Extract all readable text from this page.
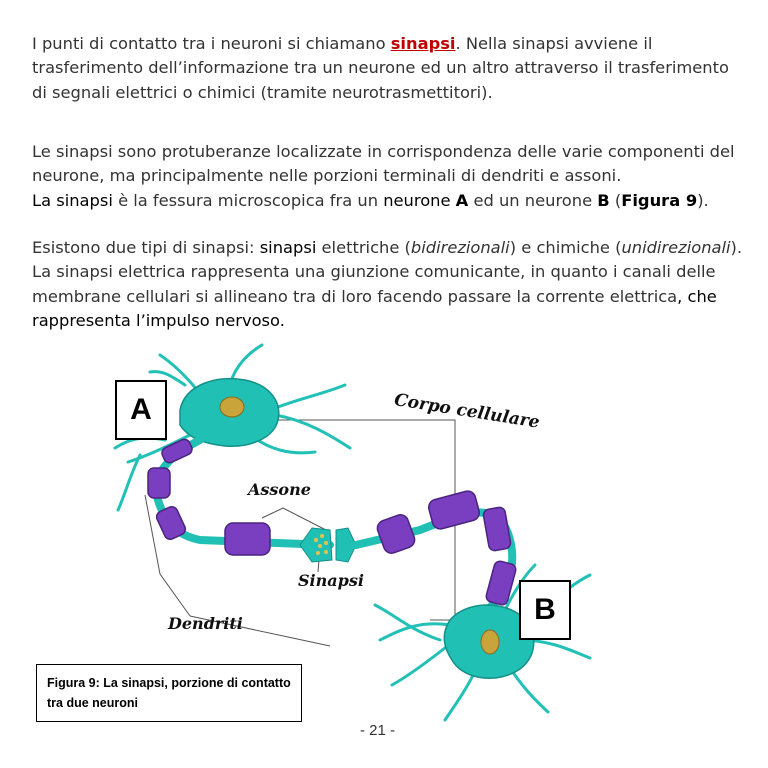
I punti di contatto tra i neuroni si chiamano sinapsi. Nella sinapsi avviene il trasferimento dell’informazione tra un neurone ed un altro attraverso il trasferimento di segnali elettrici o chimici (tramite neurotrasmettitori).

Le sinapsi sono protuberanze localizzate in corrispondenza delle varie componenti del neurone, ma principalmente nelle porzioni terminali di dendriti e assoni.
La sinapsi è la fessura microscopica fra un neurone A ed un neurone B (Figura 9).

Esistono due tipi di sinapsi: sinapsi elettriche (bidirezionali) e chimiche (unidirezionali). La sinapsi elettrica rappresenta una giunzione comunicante, in quanto i canali delle membrane cellulari si allineano tra di loro facendo passare la corrente elettrica, che rappresenta l’impulso nervoso.

A
B
Corpo cellulare
Assone
Sinapsi
Dendriti
Figura 9: La sinapsi, porzione di contatto tra due neuroni
- 21 -
